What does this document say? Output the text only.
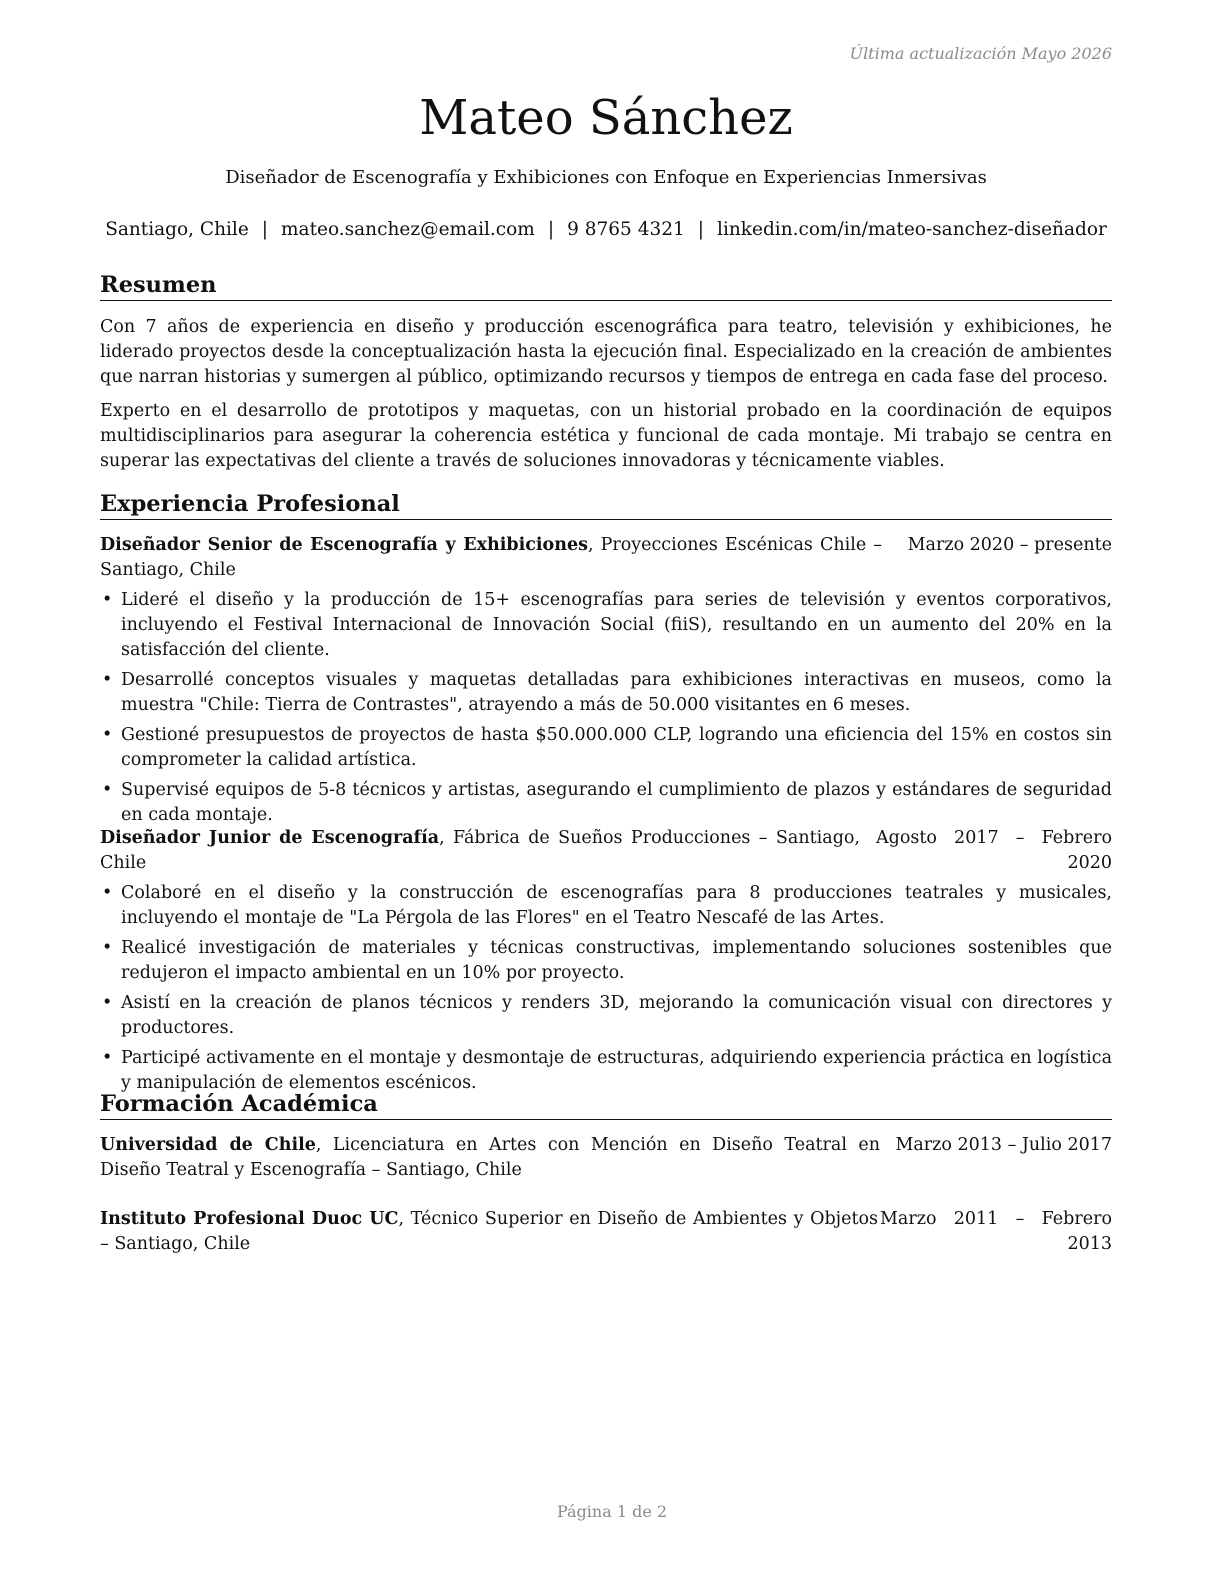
Última actualización Mayo 2026
Mateo Sánchez

Diseñador de Escenografía y Exhibiciones con Enfoque en Experiencias Inmersivas

Santiago, Chile | mateo.sanchez@email.com | 9 8765 4321 | linkedin.com/in/mateo-sanchez-diseñador

Resumen

Con 7 años de experiencia en diseño y producción escenográfica para teatro, televisión y exhibiciones, he liderado proyectos desde la conceptualización hasta la ejecución final. Especializado en la creación de ambientes que narran historias y sumergen al público, optimizando recursos y tiempos de entrega en cada fase del proceso.

Experto en el desarrollo de prototipos y maquetas, con un historial probado en la coordinación de equipos multidisciplinarios para asegurar la coherencia estética y funcional de cada montaje. Mi trabajo se centra en superar las expectativas del cliente a través de soluciones innovadoras y técnicamente viables.

Experiencia Profesional
Diseñador Senior de Escenografía y Exhibiciones, Proyecciones Escénicas Chile – Santiago, Chile
Marzo 2020 – presente
• Lideré el diseño y la producción de 15+ escenografías para series de televisión y eventos corporativos, incluyendo el Festival Internacional de Innovación Social (fiiS), resultando en un aumento del 20% en la satisfacción del cliente.
• Desarrollé conceptos visuales y maquetas detalladas para exhibiciones interactivas en museos, como la muestra "Chile: Tierra de Contrastes", atrayendo a más de 50.000 visitantes en 6 meses.
• Gestioné presupuestos de proyectos de hasta $50.000.000 CLP, logrando una eficiencia del 15% en costos sin comprometer la calidad artística.
• Supervisé equipos de 5-8 técnicos y artistas, asegurando el cumplimiento de plazos y estándares de seguridad en cada montaje.
Diseñador Junior de Escenografía, Fábrica de Sueños Producciones – Santiago, Chile
Agosto 2017 – Febrero 2020
• Colaboré en el diseño y la construcción de escenografías para 8 producciones teatrales y musicales, incluyendo el montaje de "La Pérgola de las Flores" en el Teatro Nescafé de las Artes.
• Realicé investigación de materiales y técnicas constructivas, implementando soluciones sostenibles que redujeron el impacto ambiental en un 10% por proyecto.
• Asistí en la creación de planos técnicos y renders 3D, mejorando la comunicación visual con directores y productores.
• Participé activamente en el montaje y desmontaje de estructuras, adquiriendo experiencia práctica en logística y manipulación de elementos escénicos.
Formación Académica
Universidad de Chile, Licenciatura en Artes con Mención en Diseño Teatral en Diseño Teatral y Escenografía – Santiago, Chile
Marzo 2013 – Julio 2017
Instituto Profesional Duoc UC, Técnico Superior en Diseño de Ambientes y Objetos – Santiago, Chile
Marzo 2011 – Febrero 2013
Página 1 de 2
